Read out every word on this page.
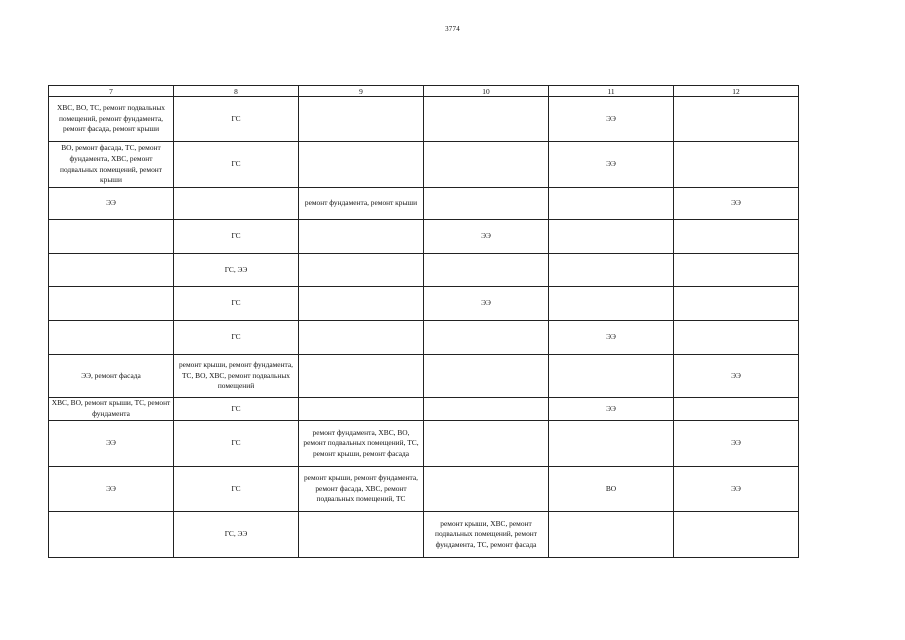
3774
7	8	9	10	11	12
ХВС, ВО, ТС, ремонт подвальных помещений, ремонт фундамента, ремонт фасада, ремонт крыши	ГС			ЭЭ	
ВО, ремонт фасада, ТС, ремонт фундамента, ХВС, ремонт подвальных помещений, ремонт крыши	ГС			ЭЭ	
ЭЭ		ремонт фундамента, ремонт крыши			ЭЭ
	ГС		ЭЭ		
	ГС, ЭЭ				
	ГС		ЭЭ		
	ГС			ЭЭ	
ЭЭ, ремонт фасада	ремонт крыши, ремонт фундамента, ТС, ВО, ХВС, ремонт подвальных помещений				ЭЭ
ХВС, ВО, ремонт крыши, ТС, ремонт фундамента	ГС			ЭЭ	
ЭЭ	ГС	ремонт фундамента, ХВС, ВО, ремонт подвальных помещений, ТС, ремонт крыши, ремонт фасада			ЭЭ
ЭЭ	ГС	ремонт крыши, ремонт фундамента, ремонт фасада, ХВС, ремонт подвальных помещений, ТС		ВО	ЭЭ
	ГС, ЭЭ		ремонт крыши, ХВС, ремонт подвальных помещений, ремонт фундамента, ТС, ремонт фасада		
